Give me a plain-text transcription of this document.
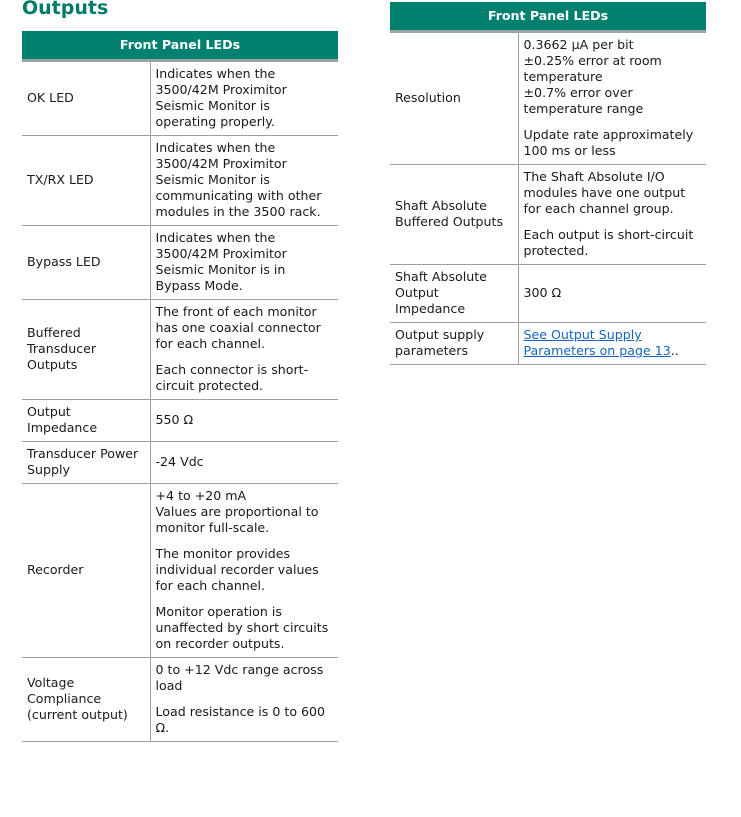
Outputs
Front Panel LEDs	
OK LED	Indicates when the 3500/42M Proximitor Seismic Monitor is operating properly.

TX/RX LED	Indicates when the 3500/42M Proximitor Seismic Monitor is communicating with other modules in the 3500 rack.

Bypass LED	Indicates when the 3500/42M Proximitor Seismic Monitor is in Bypass Mode.

Buffered Transducer Outputs	The front of each monitor has one coaxial connector for each channel.

Each connector is short-circuit protected.

Output Impedance	550 Ω

Transducer Power Supply	-24 Vdc

Recorder	+4 to +20 mA
Values are proportional to monitor full-scale.

The monitor provides individual recorder values for each channel.

Monitor operation is unaffected by short circuits on recorder outputs.

Voltage Compliance (current output)	0 to +12 Vdc range across load

Load resistance is 0 to 600 Ω.

Front Panel LEDs	
Resolution	0.3662 µA per bit
±0.25% error at room temperature
±0.7% error over temperature range

Update rate approximately 100 ms or less

Shaft Absolute Buffered Outputs	The Shaft Absolute I/O modules have one output for each channel group.

Each output is short-circuit protected.

Shaft Absolute Output Impedance	300 Ω

Output supply parameters	See Output Supply Parameters on page 13..
